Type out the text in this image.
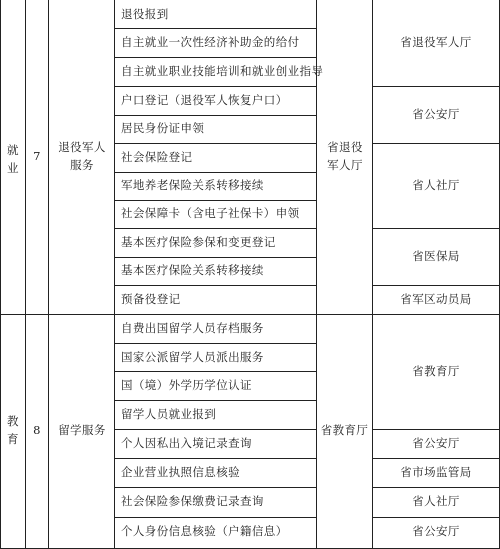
就业
7
退役军人服务
省退役军人厅
退役报到
自主就业一次性经济补助金的给付
自主就业职业技能培训和就业创业指导
户口登记（退役军人恢复户口）
居民身份证申领
社会保险登记
军地养老保险关系转移接续
社会保障卡（含电子社保卡）申领
基本医疗保险参保和变更登记
基本医疗保险关系转移接续
预备役登记
省退役军人厅
省公安厅
省人社厅
省医保局
省军区动员局
教育
8	留学服务	省教育厅
自费出国留学人员存档服务
国家公派留学人员派出服务
国（境）外学历学位认证
留学人员就业报到
个人因私出入境记录查询
企业营业执照信息核验
社会保险参保缴费记录查询
个人身份信息核验（户籍信息）
省教育厅
省公安厅
省市场监管局
省人社厅
省公安厅
